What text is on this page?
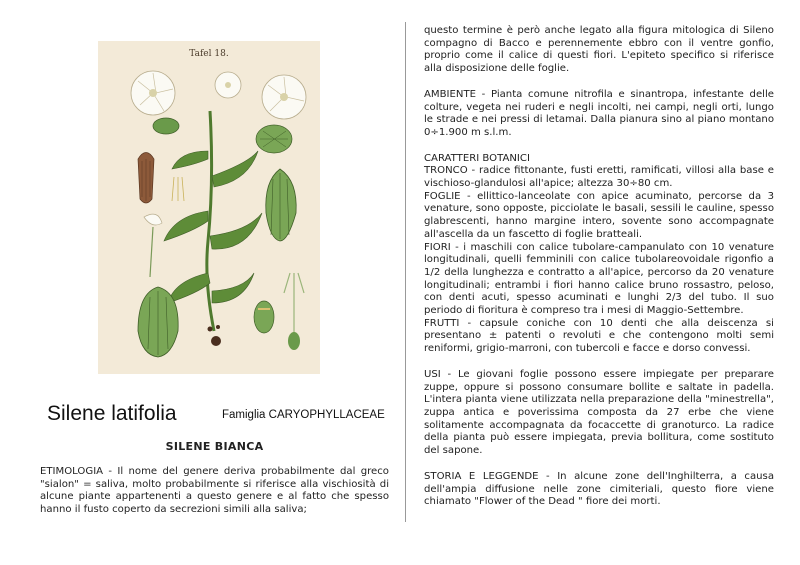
Tafel 18.
Silene latifolia	Famiglia CARYOPHYLLACEAE
SILENE BIANCA

ETIMOLOGIA - Il nome del genere deriva probabilmente dal greco "sialon" = saliva, molto probabilmente si riferisce alla vischiosità di alcune piante appartenenti a questo genere e al fatto che spesso hanno il fusto coperto da secrezioni simili alla saliva;

questo termine è però anche legato alla figura mitologica di Sileno compagno di Bacco e perennemente ebbro con il ventre gonfio, proprio come il calice di questi fiori. L'epiteto specifico si riferisce alla disposizione delle foglie.

AMBIENTE - Pianta comune nitrofila e sinantropa, infestante delle colture, vegeta nei ruderi e negli incolti, nei campi, negli orti, lungo le strade e nei pressi di letamai. Dalla pianura sino al piano montano 0÷1.900 m s.l.m.

CARATTERI BOTANICI

TRONCO - radice fittonante, fusti eretti, ramificati, villosi alla base e vischioso-glandulosi all'apice; altezza 30÷80 cm.

FOGLIE - ellittico-lanceolate con apice acuminato, percorse da 3 venature, sono opposte, picciolate le basali, sessili le cauline, spesso glabrescenti, hanno margine intero, sovente sono accompagnate all'ascella da un fascetto di foglie bratteali.

FIORI - i maschili con calice tubolare-campanulato con 10 venature longitudinali, quelli femminili con calice tubolareovoidale rigonfio a 1/2 della lunghezza e contratto a all'apice, percorso da 20 venature longitudinali; entrambi i fiori hanno calice bruno rossastro, peloso, con denti acuti, spesso acuminati e lunghi 2/3 del tubo. Il suo periodo di fioritura è compreso tra i mesi di Maggio-Settembre.

FRUTTI - capsule coniche con 10 denti che alla deiscenza si presentano ± patenti o revoluti e che contengono molti semi reniformi, grigio-marroni, con tubercoli e facce e dorso convessi.

USI - Le giovani foglie possono essere impiegate per preparare zuppe, oppure si possono consumare bollite e saltate in padella. L'intera pianta viene utilizzata nella preparazione della "minestrella", zuppa antica e poverissima composta da 27 erbe che viene solitamente accompagnata da focaccette di granoturco. La radice della pianta può essere impiegata, previa bollitura, come sostituto del sapone.

STORIA E LEGGENDE - In alcune zone dell'Inghilterra, a causa dell'ampia diffusione nelle zone cimiteriali, questo fiore viene chiamato "Flower of the Dead " fiore dei morti.
